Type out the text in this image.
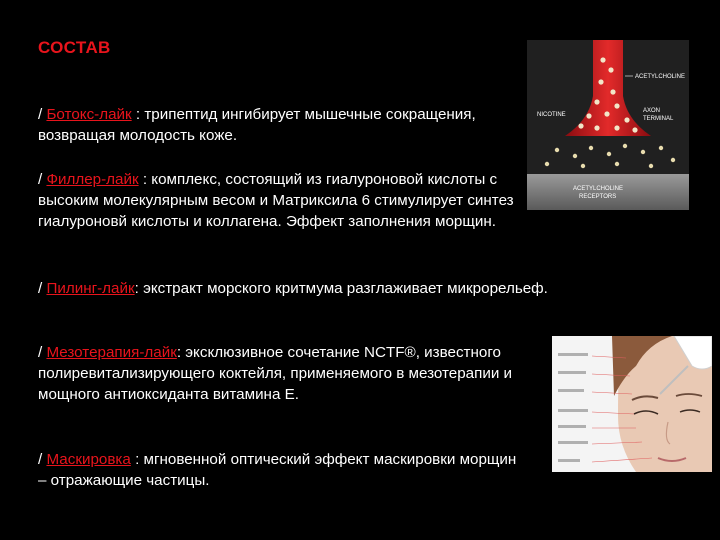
СОСТАВ
/ Ботокс-лайк : трипептид ингибирует мышечные сокращения, возвращая молодость коже.
/ Филлер-лайк : комплекс, состоящий из гиалуроновой кислоты с высоким молекулярным весом и Матриксила 6 стимулирует синтез гиалуроновй кислоты и коллагена. Эффект заполнения морщин.
/ Пилинг-лайк: экстракт морского критмума разглаживает микрорельеф.
/ Мезотерапия-лайк: эксклюзивное сочетание NCTF®, известного полиревитализирующего коктейля, применяемого в мезотерапии и мощного антиоксиданта витамина Е.
/ Маскировка : мгновенной оптический эффект маскировки морщин – отражающие частицы.
ACETYLCHOLINE
NICOTINE
AXON
TERMINAL
ACETYLCHOLINE
RECEPTORS
